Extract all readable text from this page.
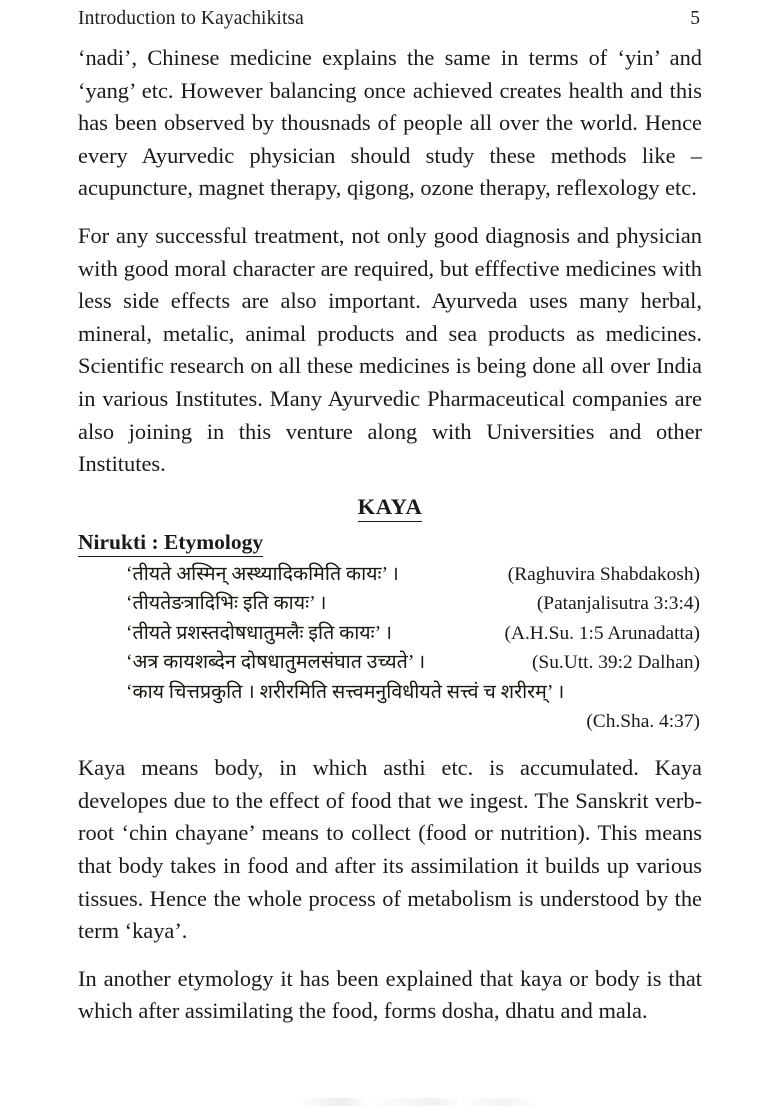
Introduction to Kayachikitsa	5

‘nadi’, Chinese medicine explains the same in terms of ‘yin’ and ‘yang’ etc. However balancing once achieved creates health and this has been observed by thousnads of people all over the world. Hence every Ayurvedic physician should study these methods like – acupuncture, magnet therapy, qigong, ozone therapy, reflexology etc.

For any successful treatment, not only good diagnosis and physician with good moral character are required, but efffective medicines with less side effects are also important. Ayurveda uses many herbal, mineral, metalic, animal products and sea products as medicines. Scientific research on all these medicines is being done all over India in various Institutes. Many Ayurvedic Pharmaceutical companies are also joining in this venture along with Universities and other Institutes.

KAYA
Nirukti : Etymology
‘तीयते अस्मिन् अस्थ्यादिकमिति कायः’ ।	(Raghuvira Shabdakosh)
‘तीयतेङत्रादिभिः इति कायः’ ।	(Patanjalisutra 3:3:4)
‘तीयते प्रशस्तदोषधातुमलैः इति कायः’ ।	(A.H.Su. 1:5 Arunadatta)
‘अत्र कायशब्देन दोषधातुमलसंघात उच्यते’ ।	(Su.Utt. 39:2 Dalhan)
‘काय चित्तप्रकुति । शरीरमिति सत्त्वमनुविधीयते सत्त्वं च शरीरम्’ ।
(Ch.Sha. 4:37)

Kaya means body, in which asthi etc. is accumulated. Kaya developes due to the effect of food that we ingest. The Sanskrit verb-root ‘chin chayane’ means to collect (food or nutrition). This means that body takes in food and after its assimilation it builds up various tissues. Hence the whole process of metabolism is understood by the term ‘kaya’.

In another etymology it has been explained that kaya or body is that which after assimilating the food, forms dosha, dhatu and mala.
